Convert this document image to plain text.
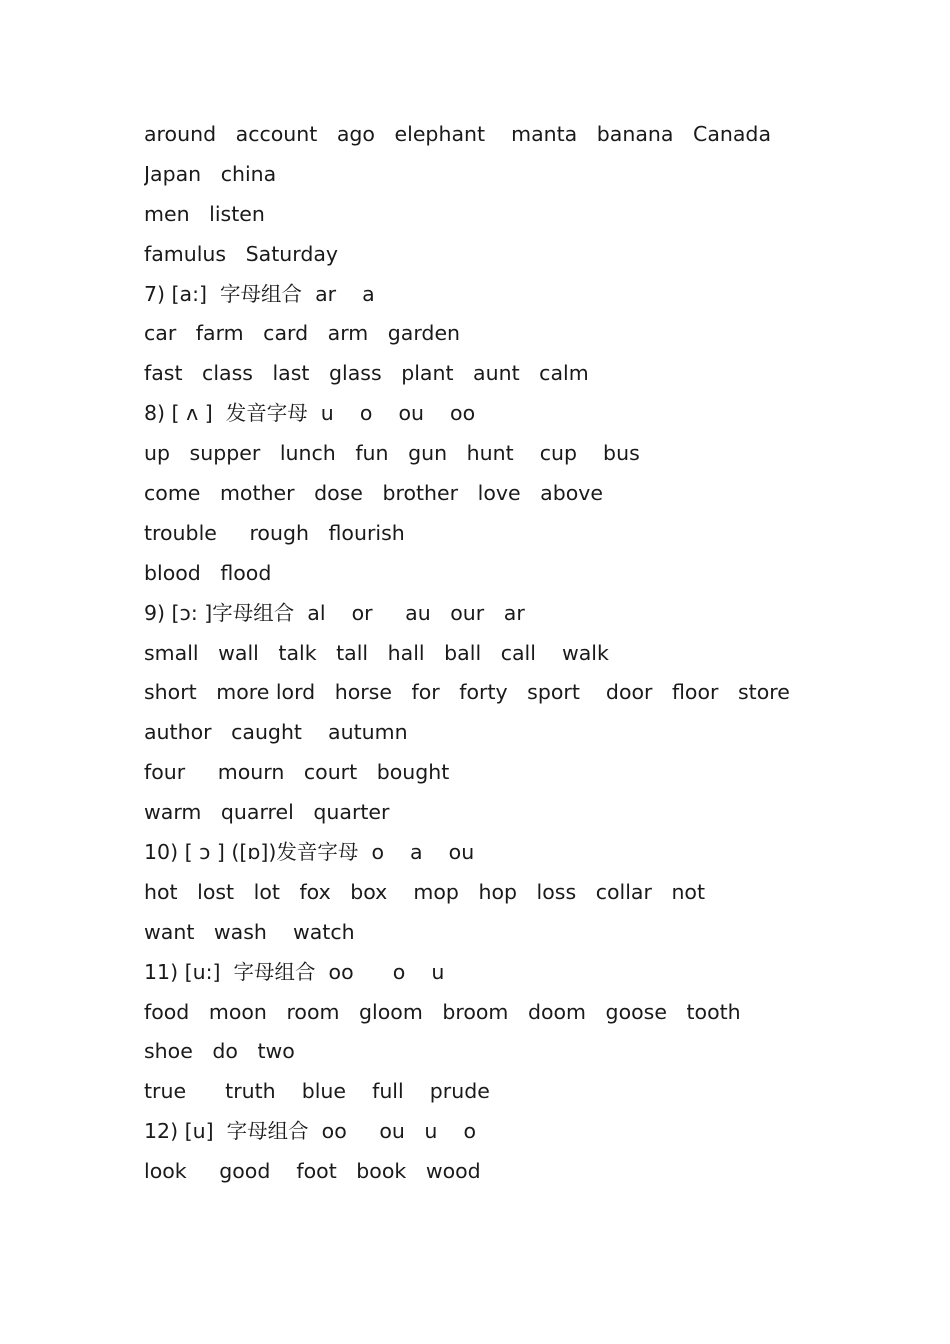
around   account   ago   elephant    manta   banana   Canada
Japan   china
men   listen
famulus   Saturday
7) [a:]  字母组合  ar    a
car   farm   card   arm   garden
fast   class   last   glass   plant   aunt   calm
8) [ ʌ ]  发音字母  u    o    ou    oo
up   supper   lunch   fun   gun   hunt    cup    bus
come   mother   dose   brother   love   above
trouble     rough   flourish
blood   flood
9) [ɔ: ]字母组合  al    or     au   our   ar
small   wall   talk   tall   hall   ball   call    walk
short   more lord   horse   for   forty   sport    door   floor   store
author   caught    autumn
four     mourn   court   bought
warm   quarrel   quarter
10) [ ɔ ] ([ɒ])发音字母  o    a    ou
hot   lost   lot   fox   box    mop   hop   loss   collar   not
want   wash    watch
11) [u:]  字母组合  oo      o    u
food   moon   room   gloom   broom   doom   goose   tooth
shoe   do   two
true      truth    blue    full    prude
12) [u]  字母组合  oo     ou   u    o
look     good    foot   book   wood
